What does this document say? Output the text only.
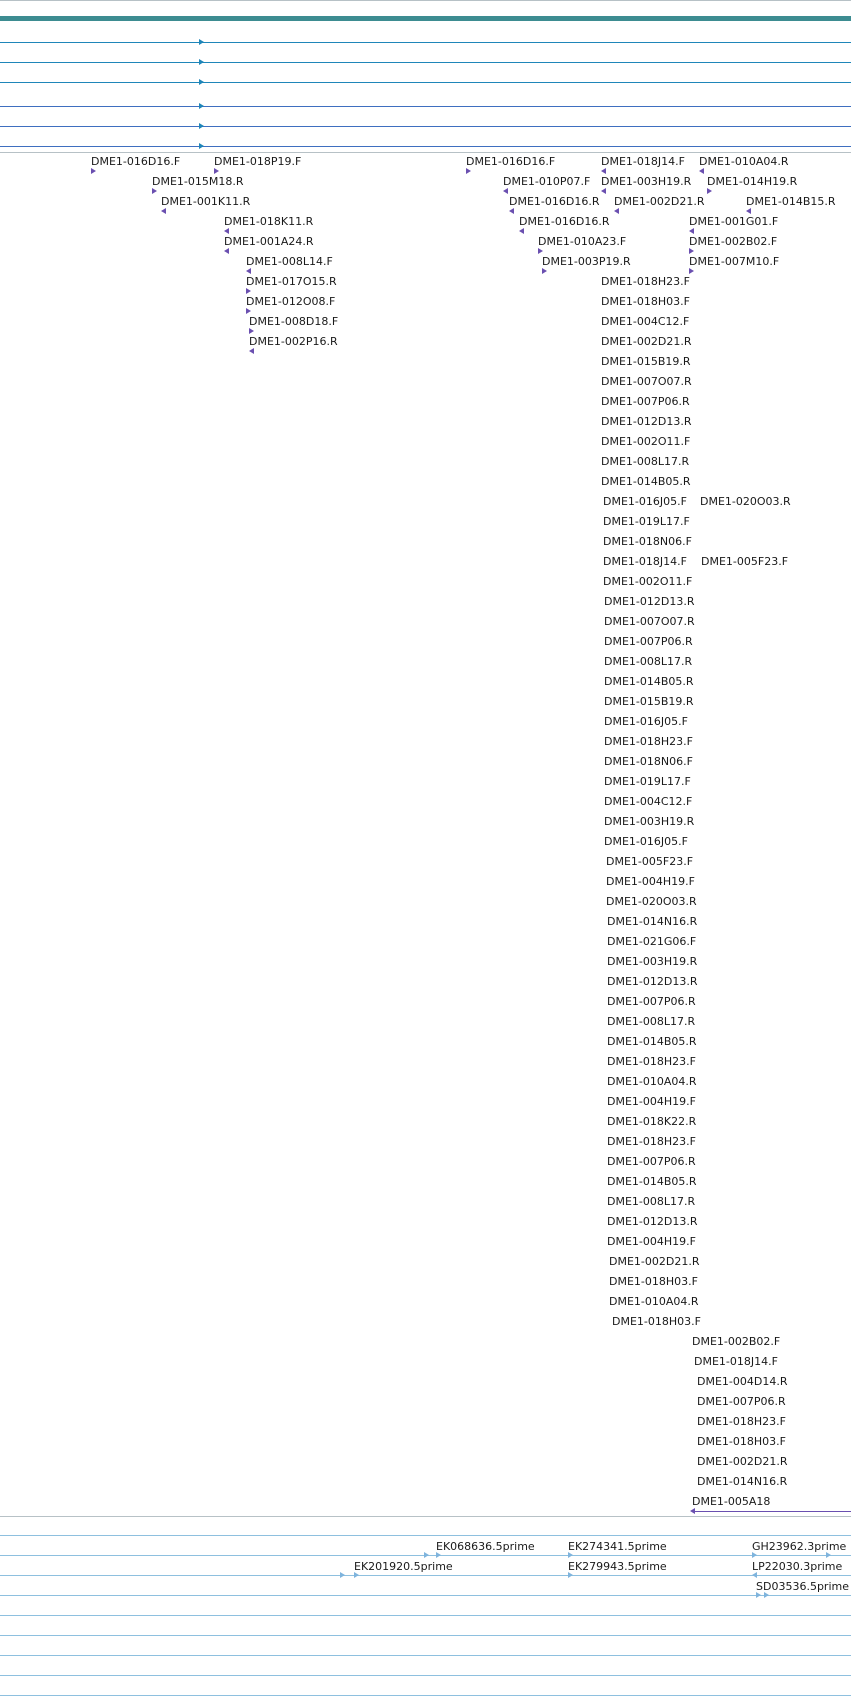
DME1-016D16.F	DME1-018P19.F
DME1-015M18.R
DME1-001K11.R
DME1-018K11.R
DME1-001A24.R
DME1-008L14.F
DME1-017O15.R
DME1-012O08.F
DME1-008D18.F
DME1-002P16.R
DME1-016D16.F
DME1-010P07.F
DME1-016D16.R
DME1-016D16.R
DME1-010A23.F
DME1-003P19.R
DME1-018J14.F
DME1-003H19.R
DME1-002D21.R
DME1-010A04.R
DME1-014H19.R
DME1-014B15.R
DME1-001G01.F
DME1-002B02.F
DME1-007M10.F
DME1-018H23.F
DME1-018H03.F
DME1-004C12.F
DME1-002D21.R
DME1-015B19.R
DME1-007O07.R
DME1-007P06.R
DME1-012D13.R
DME1-002O11.F
DME1-008L17.R
DME1-014B05.R
DME1-016J05.F DME1-020O03.R
DME1-019L17.F
DME1-018N06.F
DME1-018J14.F DME1-005F23.F
DME1-002O11.F
DME1-012D13.R
DME1-007O07.R
DME1-007P06.R
DME1-008L17.R
DME1-014B05.R
DME1-015B19.R
DME1-016J05.F
DME1-018H23.F
DME1-018N06.F
DME1-019L17.F
DME1-004C12.F
DME1-003H19.R
DME1-016J05.F
DME1-005F23.F
DME1-004H19.F
DME1-020O03.R
DME1-014N16.R
DME1-021G06.F
DME1-003H19.R
DME1-012D13.R
DME1-007P06.R
DME1-008L17.R
DME1-014B05.R
DME1-018H23.F
DME1-010A04.R
DME1-004H19.F
DME1-018K22.R
DME1-018H23.F
DME1-007P06.R
DME1-014B05.R
DME1-008L17.R
DME1-012D13.R
DME1-004H19.F
DME1-002D21.R
DME1-018H03.F
DME1-010A04.R
DME1-018H03.F
DME1-002B02.F
DME1-018J14.F
DME1-004D14.R
DME1-007P06.R
DME1-018H23.F
DME1-018H03.F
DME1-002D21.R
DME1-014N16.R
DME1-005A18
EK068636.5prime	EK274341.5prime	GH23962.3prime
EK201920.5prime	EK279943.5prime	LP22030.3prime
SD03536.5prime
